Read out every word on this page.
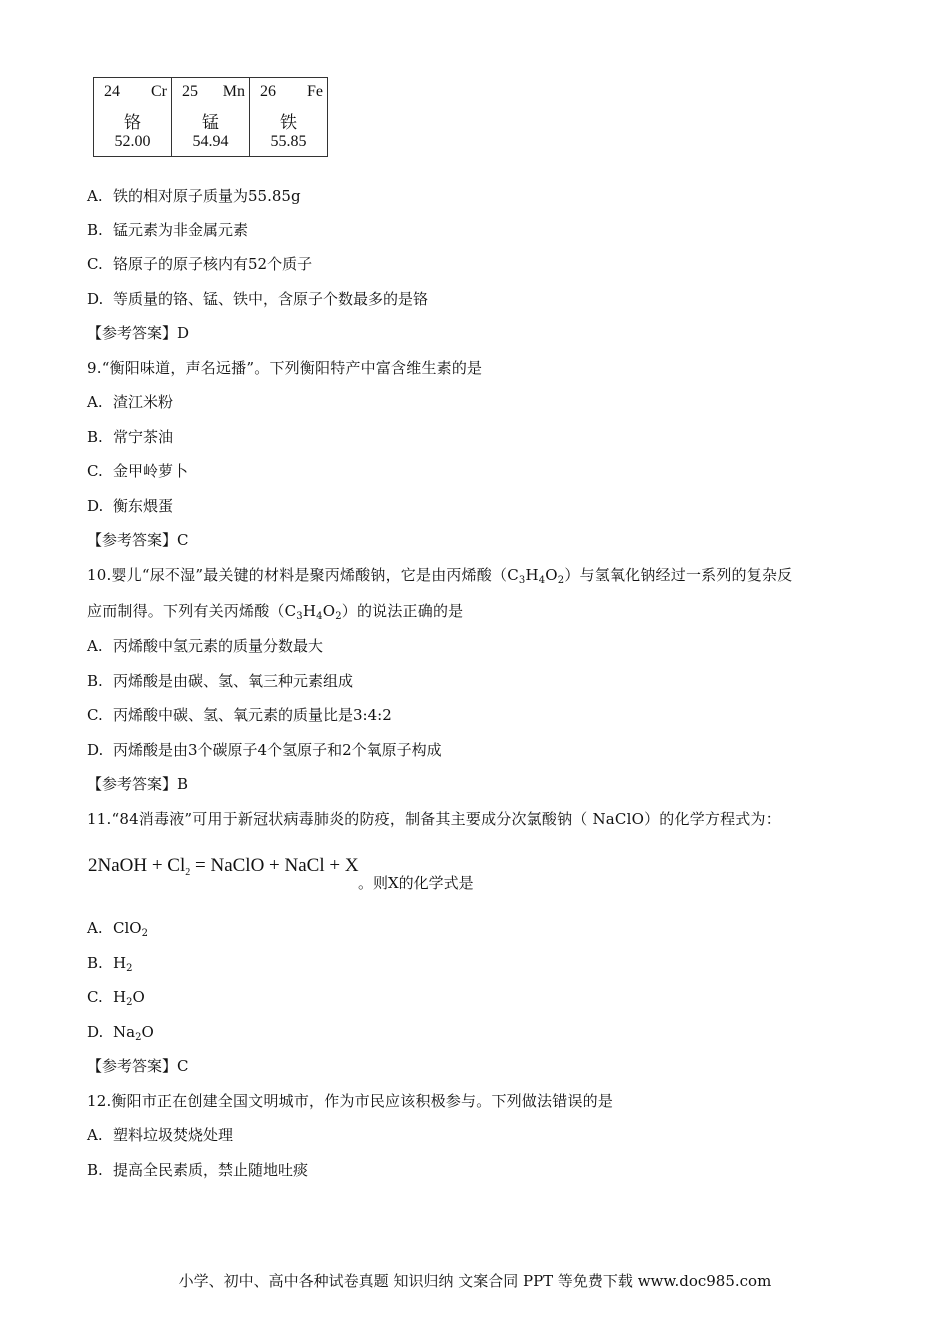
24 Cr
铬
52.00

25 Mn
锰
54.94

26 Fe
铁
55.85
A. 铁的相对原子质量为55.85g
B. 锰元素为非金属元素
C. 铬原子的原子核内有52个质子
D. 等质量的铬、锰、铁中，含原子个数最多的是铬
【参考答案】D
9.“衡阳味道，声名远播”。下列衡阳特产中富含维生素的是
A. 渣江米粉
B. 常宁茶油
C. 金甲岭萝卜
D. 衡东煨蛋
【参考答案】C
10.婴儿“尿不湿”最关键的材料是聚丙烯酸钠，它是由丙烯酸$(C_3H_4O_2)$与氢氧化钠经过一系列的复杂反
应而制得。下列有关丙烯酸$(C_3H_4O_2)$的说法正确的是
A. 丙烯酸中氢元素的质量分数最大
B. 丙烯酸是由碳、氢、氧三种元素组成
C. 丙烯酸中碳、氢、氧元素的质量比是3:4:2
D. 丙烯酸是由3个碳原子4个氢原子和2个氧原子构成
【参考答案】B
11.“84消毒液”可用于新冠状病毒肺炎的防疫，制备其主要成分次氯酸钠（ NaClO）的化学方程式为：
2NaOH + $Cl_2$ = NaClO + NaCl + X
。则X的化学式是
A. ClO$_2$
B. $H_2$
C. $H_2O$
D. $Na_2O$
【参考答案】C
12.衡阳市正在创建全国文明城市，作为市民应该积极参与。下列做法错误的是
A. 塑料垃圾焚烧处理
B. 提高全民素质，禁止随地吐痰
小学、初中、高中各种试卷真题 知识归纳 文案合同 PPT 等免费下载 www.doc985.com
